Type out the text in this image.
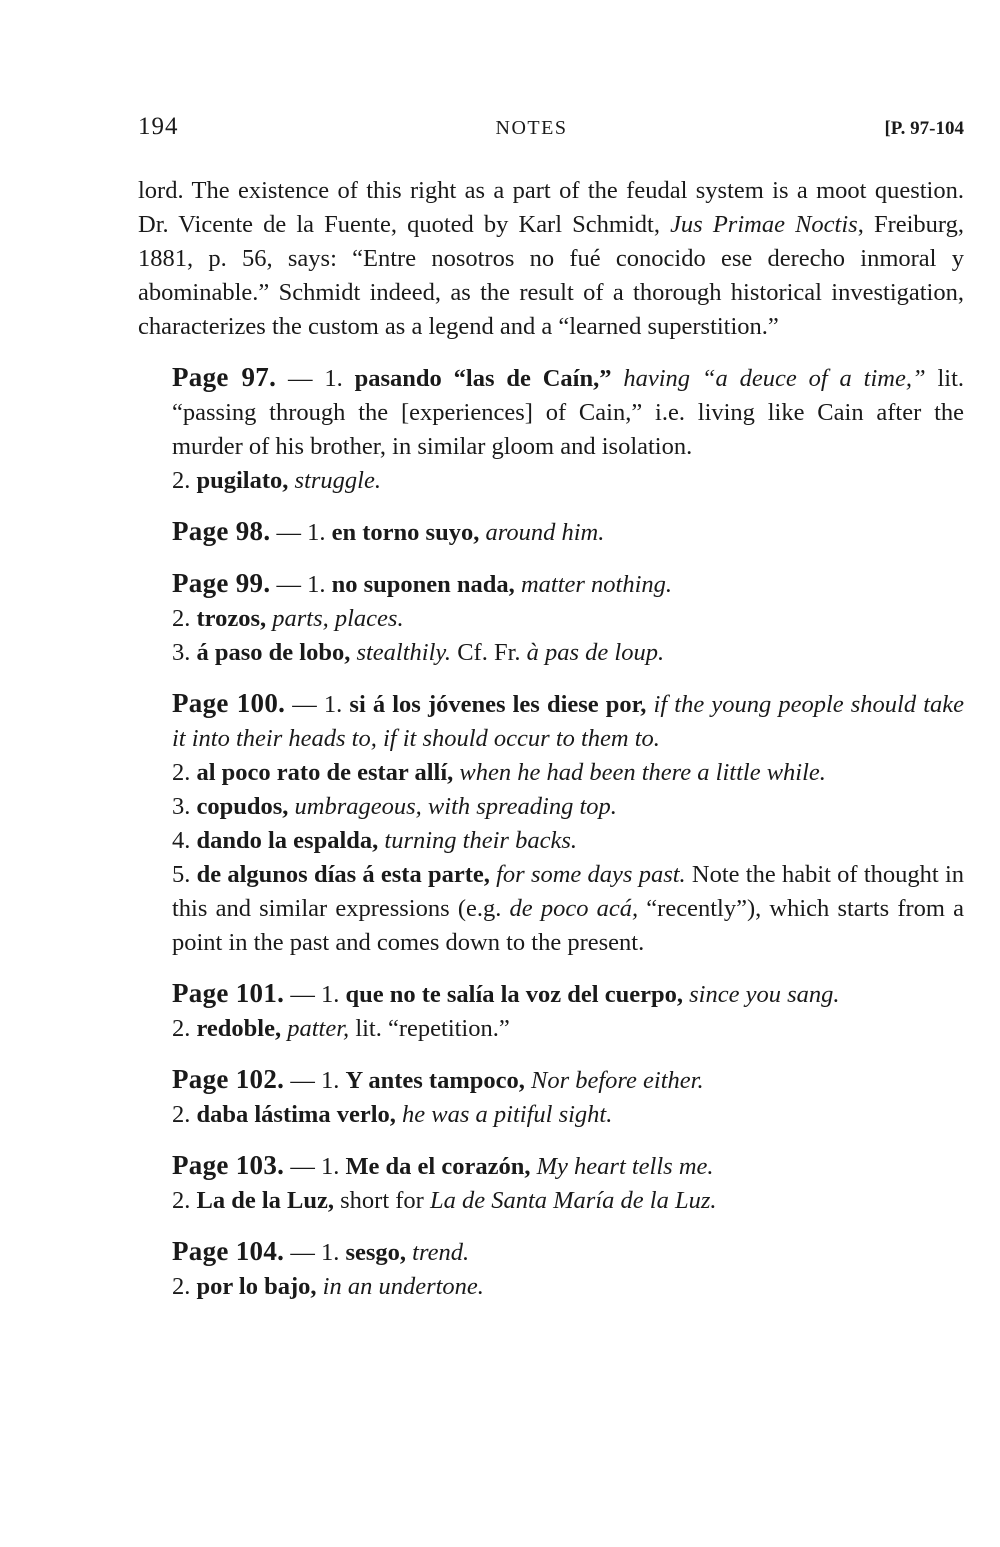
194	NOTES	[P. 97-104

lord. The existence of this right as a part of the feudal system is a moot question. Dr. Vicente de la Fuente, quoted by Karl Schmidt, Jus Primae Noctis, Freiburg, 1881, p. 56, says: “Entre nosotros no fué conocido ese derecho inmoral y abominable.” Schmidt indeed, as the result of a thorough historical investigation, characterizes the custom as a legend and a “learned superstition.”

Page 97. — 1. pasando “las de Caín,” having “a deuce of a time,” lit. “passing through the [experiences] of Cain,” i.e. living like Cain after the murder of his brother, in similar gloom and isolation.

2. pugilato, struggle.

Page 98. — 1. en torno suyo, around him.

Page 99. — 1. no suponen nada, matter nothing.

2. trozos, parts, places.

3. á paso de lobo, stealthily. Cf. Fr. à pas de loup.

Page 100. — 1. si á los jóvenes les diese por, if the young people should take it into their heads to, if it should occur to them to.

2. al poco rato de estar allí, when he had been there a little while.

3. copudos, umbrageous, with spreading top.

4. dando la espalda, turning their backs.

5. de algunos días á esta parte, for some days past. Note the habit of thought in this and similar expressions (e.g. de poco acá, “recently”), which starts from a point in the past and comes down to the present.

Page 101. — 1. que no te salía la voz del cuerpo, since you sang.

2. redoble, patter, lit. “repetition.”

Page 102. — 1. Y antes tampoco, Nor before either.

2. daba lástima verlo, he was a pitiful sight.

Page 103. — 1. Me da el corazón, My heart tells me.

2. La de la Luz, short for La de Santa María de la Luz.

Page 104. — 1. sesgo, trend.

2. por lo bajo, in an undertone.
